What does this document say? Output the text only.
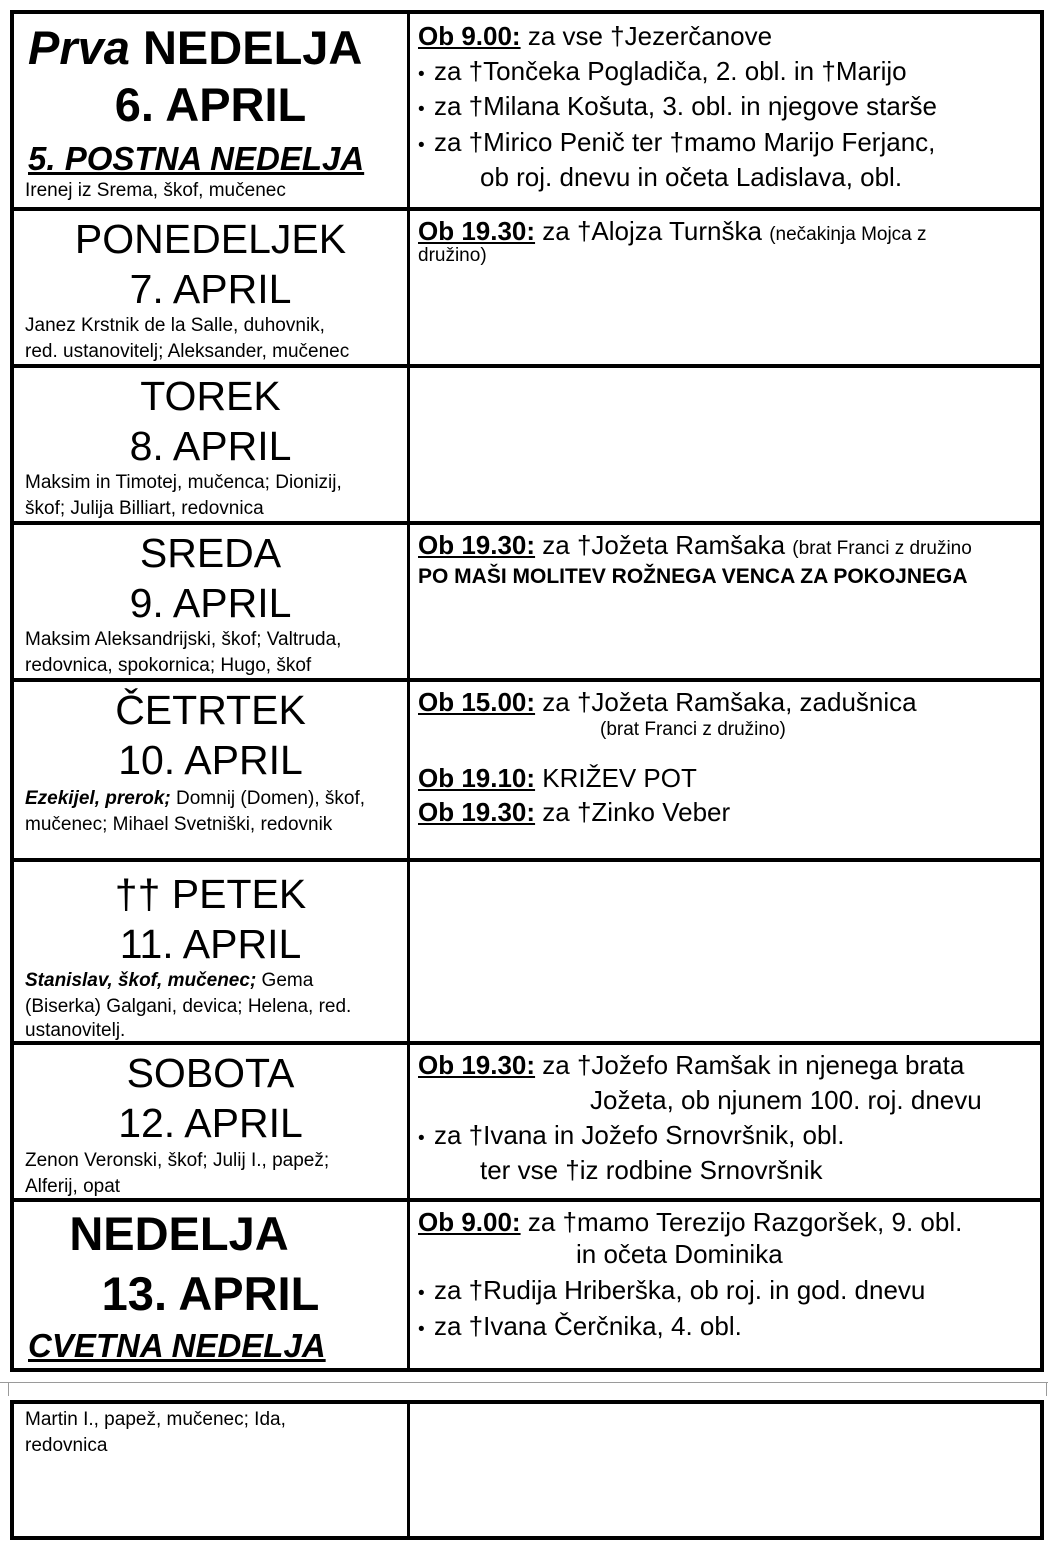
Prva NEDELJA
6. APRIL
5. POSTNA NEDELJA
Irenej iz Srema, škof, mučenec
Ob 9.00: za vse †Jezerčanove
• za †Tončeka Pogladiča, 2. obl. in †Marijo
• za †Milana Košuta, 3. obl. in njegove starše
• za †Mirico Penič ter †mamo Marijo Ferjanc,
ob roj. dnevu in očeta Ladislava, obl.
PONEDELJEK
7. APRIL
Janez Krstnik de la Salle, duhovnik,
red. ustanovitelj; Aleksander, mučenec
Ob 19.30: za †Alojza Turnška (nečakinja Mojca z
družino)
TOREK
8. APRIL
Maksim in Timotej, mučenca; Dionizij,
škof; Julija Billiart, redovnica
SREDA
9. APRIL
Maksim Aleksandrijski, škof; Valtruda,
redovnica, spokornica; Hugo, škof
Ob 19.30: za †Jožeta Ramšaka (brat Franci z družino
PO MAŠI MOLITEV ROŽNEGA VENCA ZA POKOJNEGA
ČETRTEK
10. APRIL
Ezekijel, prerok; Domnij (Domen), škof,
mučenec; Mihael Svetniški, redovnik
Ob 15.00: za †Jožeta Ramšaka, zadušnica
(brat Franci z družino)
Ob 19.10: KRIŽEV POT
Ob 19.30: za †Zinko Veber
†† PETEK
11. APRIL
Stanislav, škof, mučenec; Gema
(Biserka) Galgani, devica; Helena, red.
ustanovitelj.
SOBOTA
12. APRIL
Zenon Veronski, škof; Julij I., papež;
Alferij, opat
Ob 19.30: za †Jožefo Ramšak in njenega brata
Jožeta, ob njunem 100. roj. dnevu
• za †Ivana in Jožefo Srnovršnik, obl.
ter vse †iz rodbine Srnovršnik
NEDELJA
13. APRIL
CVETNA NEDELJA
Ob 9.00: za †mamo Terezijo Razgoršek, 9. obl.
in očeta Dominika
• za †Rudija Hriberška, ob roj. in god. dnevu
• za †Ivana Čerčnika, 4. obl.
Martin I., papež, mučenec; Ida,
redovnica
